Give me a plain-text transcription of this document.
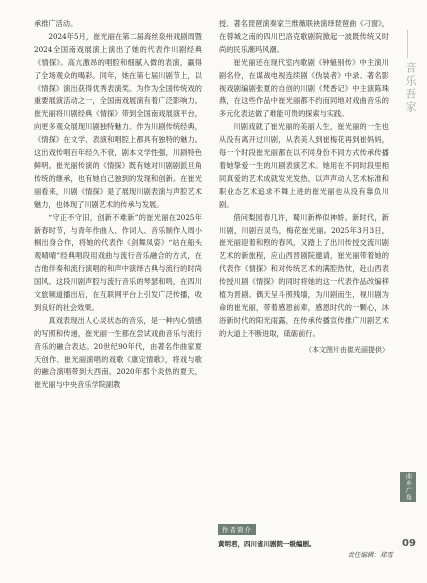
承推广活动。

2024年5月，崔光丽在第二届海丝泉州戏剧周暨2024全国南戏展演上演出了她的代表作川剧经典《情探》。高亢激昂的唱腔和细腻入微的表演，赢得了全场观众的喝彩。同年，她在第七届川剧节上，以《情探》演出获得优秀表演奖。为作为全国传统戏的重要展演活动之一，全国南戏展演有着广泛影响力。崔光丽将川剧经典《情探》带到全国南戏展演平台，向更多观众展现川剧独特魅力。作为川剧传统经典，《情探》在文学、表演和唱腔上都具有独特的魅力。这出戏传唱百年经久不衰，剧本文学性强，川剧特色鲜明。崔光丽传演的《情探》既有她对川剧剧派旦角传统的继承，也有她自己独到的发现和创新。在崔光丽看来，川剧《情探》是了展现川剧表演与声腔艺术魅力，也体现了川剧艺术的传承与发展。

“守正不守旧，创新不难新”的崔光丽在2025年新春时节，与青年作曲人、作词人、音乐制作人周小桐出身合作，将她的代表作《剑舞凤姿》“站在船头观晴晴”经典唱段用戏曲与流行音乐融合的方式，在吉他伴奏和流行演唱的和声中演绎古典与流行的时尚国风。这段川剧声腔与流行音乐的琴瑟和鸣，在四川文旅频道播出后，在互联网平台上引发广泛传播，收到良好的社会效果。

真戏表现出人心灵状态的音乐，是一种内心情感的写照和传递，崔光丽一生都在尝试戏曲音乐与流行音乐的融合表达。20世纪90年代，由著名作曲家夏天创作、崔光丽演唱的戏歌《康定情歌》，将戏与歌的融合演唱带到大西南。2020年那个炎热的夏天，崔光丽与中央音乐学院副教

授、著名琵琶演奏家兰维薇联袂演绎琵琶曲《刁窗》，在蓉城之南的四川巴洛克歌剧院掀起一波既传统又时尚的民乐潮玛风潮。

崔光丽还在现代室内歌剧《钟魁别传》中主演川剧名伶，在谋战电视连续剧《伪装者》中录、著名影视戏剧编剧张夏的自创的川剧《梵香记》中主演陈珠燕，在这些作品中崔光丽都不约而同地对戏曲音乐的多元化表达做了难能可贵的探索与实践。

川剧戏就了崔光丽的美丽人生，崔光丽的一生也从没有离开过川剧，从表美人到崔梅花再到崔妈妈，每一个时段崔光丽都在以不同身份不同方式传承传播着她挚爱一生的川剧表演艺术。她用在不同时段里相同真爱的艺术成就发光发热，以声声动人艺术标准和职业态艺术追求不舞上进的崔光丽也从没有靠负川剧。

借问梨园春几许，蜀川新桦似神娇。新时代，新川剧，川剧百灵鸟，梅花崔光丽。2025年3月3日，崔光丽迎着和煦的春风，又踏上了出川传授交流川剧艺术的新旅程，应山西晋剧院邀请，崔光丽带着她的代表作《情探》和对传统艺术的满腔热忱，赴山西表传授川剧《情探》的同时将她的这一代表作品改编移植为晋剧。偶天呈斗照残墙，为川剧而生，视川剧为命的崔光丽，带着感恩前辈，感恩时代的一颗心，沐浴新时代的阳光雨露，在传承传播宣传推广川剧艺术的大道上不断进取，砥砺前行。

（本文图片由崔光丽提供）

作者简介
黄明君，四川省川剧院一级编剧。
责任编辑：郑雪
音乐吾家
曲乡广角
09
